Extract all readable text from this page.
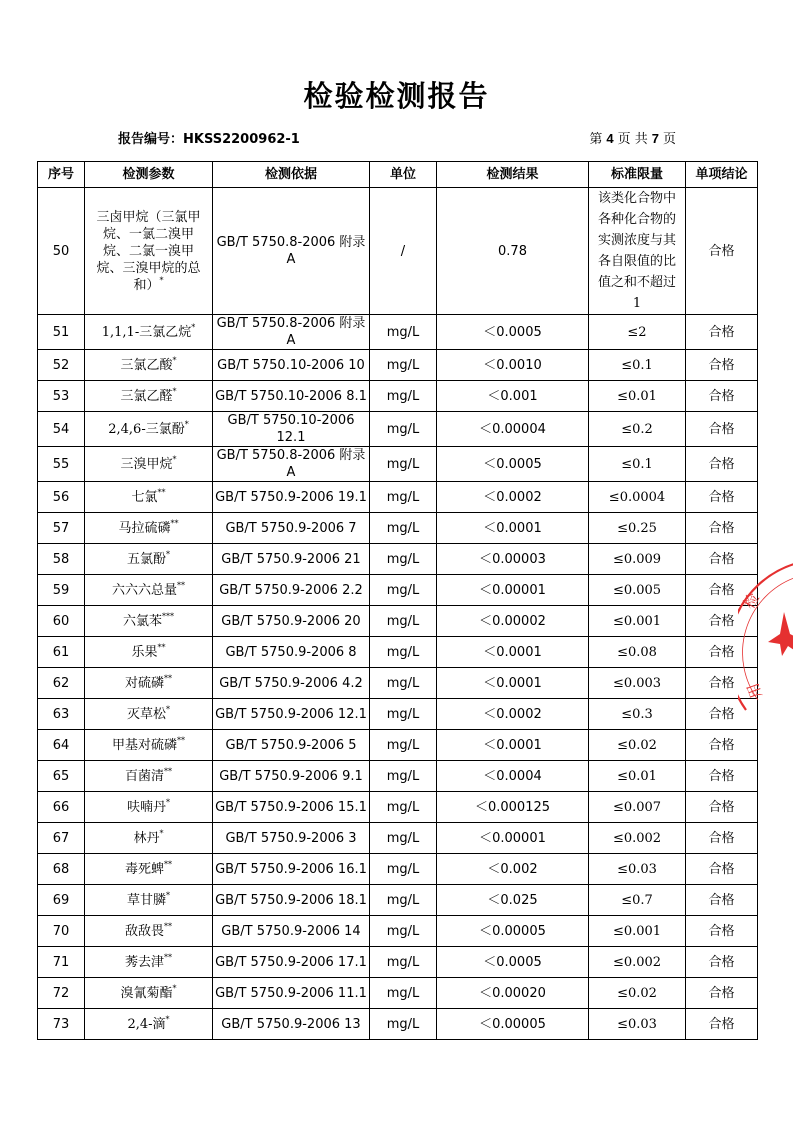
检验检测报告
报告编号：HKSS2200962-1	第 4 页 共 7 页
序号	检测参数	检测依据	单位	检测结果	标准限量	单项结论
50	三卤甲烷（三氯甲烷、一氯二溴甲烷、二氯一溴甲烷、三溴甲烷的总和）*	GB/T 5750.8-2006 附录 A	/	0.78	该类化合物中各种化合物的实测浓度与其各自限值的比值之和不超过1	合格
51	1,1,1-三氯乙烷*	GB/T 5750.8-2006 附录 A	mg/L	＜0.0005	≤2	合格
52	三氯乙酸*	GB/T 5750.10-2006 10	mg/L	＜0.0010	≤0.1	合格
53	三氯乙醛*	GB/T 5750.10-2006 8.1	mg/L	＜0.001	≤0.01	合格
54	2,4,6-三氯酚*	GB/T 5750.10-2006 12.1	mg/L	＜0.00004	≤0.2	合格
55	三溴甲烷*	GB/T 5750.8-2006 附录 A	mg/L	＜0.0005	≤0.1	合格
56	七氯**	GB/T 5750.9-2006 19.1	mg/L	＜0.0002	≤0.0004	合格
57	马拉硫磷**	GB/T 5750.9-2006 7	mg/L	＜0.0001	≤0.25	合格
58	五氯酚*	GB/T 5750.9-2006 21	mg/L	＜0.00003	≤0.009	合格
59	六六六总量**	GB/T 5750.9-2006 2.2	mg/L	＜0.00001	≤0.005	合格
60	六氯苯***	GB/T 5750.9-2006 20	mg/L	＜0.00002	≤0.001	合格
61	乐果**	GB/T 5750.9-2006 8	mg/L	＜0.0001	≤0.08	合格
62	对硫磷**	GB/T 5750.9-2006 4.2	mg/L	＜0.0001	≤0.003	合格
63	灭草松*	GB/T 5750.9-2006 12.1	mg/L	＜0.0002	≤0.3	合格
64	甲基对硫磷**	GB/T 5750.9-2006 5	mg/L	＜0.0001	≤0.02	合格
65	百菌清**	GB/T 5750.9-2006 9.1	mg/L	＜0.0004	≤0.01	合格
66	呋喃丹*	GB/T 5750.9-2006 15.1	mg/L	＜0.000125	≤0.007	合格
67	林丹*	GB/T 5750.9-2006 3	mg/L	＜0.00001	≤0.002	合格
68	毒死蜱**	GB/T 5750.9-2006 16.1	mg/L	＜0.002	≤0.03	合格
69	草甘膦*	GB/T 5750.9-2006 18.1	mg/L	＜0.025	≤0.7	合格
70	敌敌畏**	GB/T 5750.9-2006 14	mg/L	＜0.00005	≤0.001	合格
71	莠去津**	GB/T 5750.9-2006 17.1	mg/L	＜0.0005	≤0.002	合格
72	溴氰菊酯*	GB/T 5750.9-2006 11.1	mg/L	＜0.00020	≤0.02	合格
73	2,4-滴*	GB/T 5750.9-2006 13	mg/L	＜0.00005	≤0.03	合格
检
用
